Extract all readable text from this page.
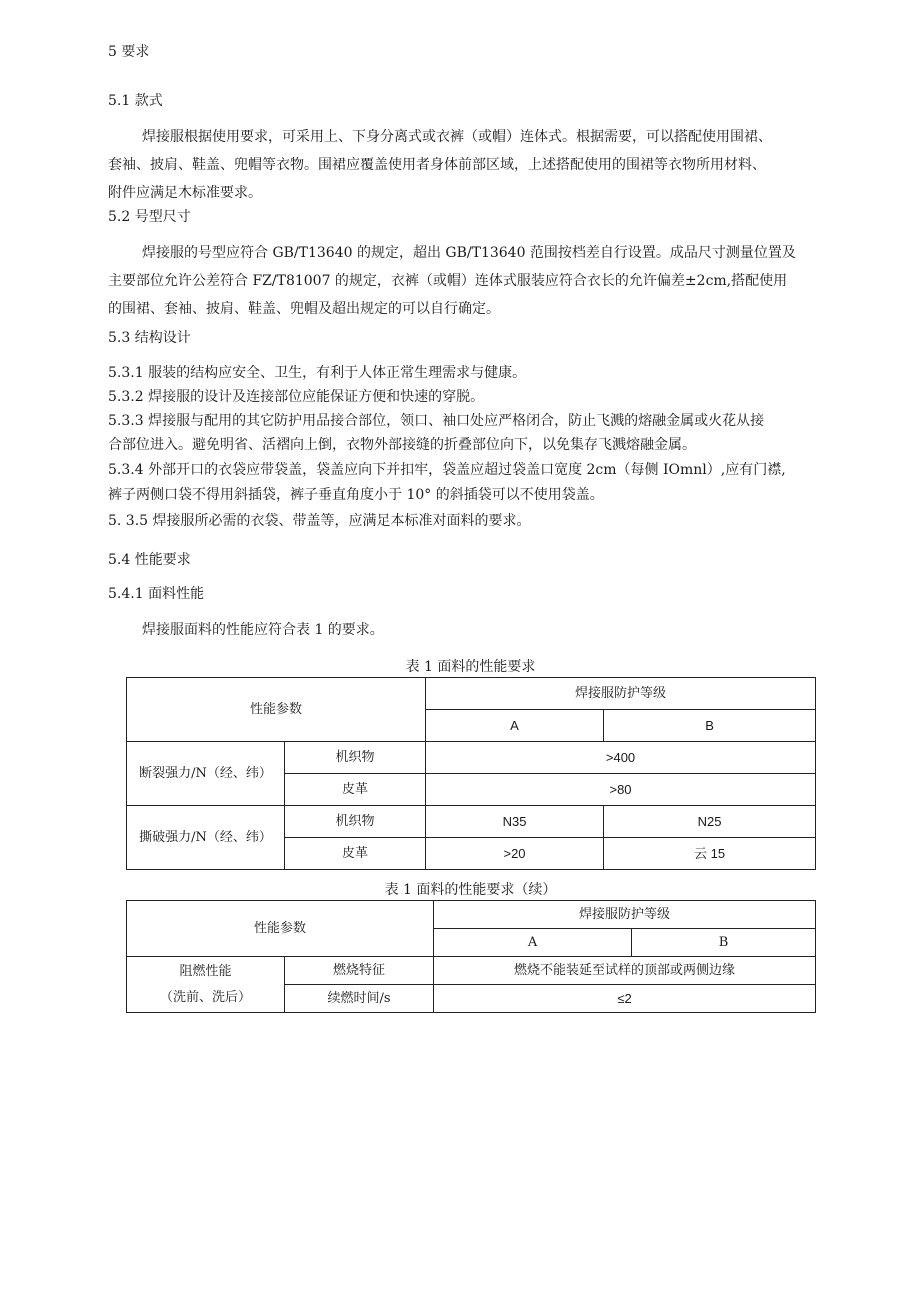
5 要求
5.1 款式
焊接服根据使用要求，可采用上、下身分离式或衣裤（或帽）连体式。根据需要，可以搭配使用围裙、
套袖、披肩、鞋盖、兜帽等衣物。围裙应覆盖使用者身体前部区域，上述搭配使用的围裙等衣物所用材料、
附件应满足木标准要求。
5.2 号型尺寸
焊接服的号型应符合 GB/T13640 的规定，超出 GB/T13640 范围按档差自行设置。成品尺寸测量位置及
主要部位允许公差符合 FZ/T81007 的规定，衣裤（或帽）连体式服装应符合衣长的允许偏差±2cm,搭配使用
的围裙、套袖、披肩、鞋盖、兜帽及超出规定的可以自行确定。
5.3 结构设计
5.3.1 服装的结构应安全、卫生，有利于人体正常生理需求与健康。
5.3.2 焊接服的设计及连接部位应能保证方便和快速的穿脱。
5.3.3 焊接服与配用的其它防护用品接合部位，领口、袖口处应严格闭合，防止飞溅的熔融金属或火花从接
合部位进入。避免明省、活褶向上倒，衣物外部接缝的折叠部位向下，以免集存飞溅熔融金属。
5.3.4 外部开口的衣袋应带袋盖，袋盖应向下并扣牢，袋盖应超过袋盖口宽度 2cm（每侧 IOmnl）,应有门襟,
裤子两侧口袋不得用斜插袋，裤子垂直角度小于 10° 的斜插袋可以不使用袋盖。
5. 3.5 焊接服所必需的衣袋、带盖等，应满足本标准对面料的要求。
5.4 性能要求
5.4.1 面料性能
焊接服面料的性能应符合表 1 的要求。
表 1 面料的性能要求
性能参数		焊接服防护等级	
		A	B
断裂强力/N（经、纬）	机织物	>400	
	皮革	>80	
撕破强力/N（经、纬）	机织物	N35	N25
	皮革	>20	云 15
表 1 面料的性能要求（续）
性能参数		焊接服防护等级	
		A	B

阻燃性能
（洗前、洗后）	燃烧特征	燃烧不能装延至试样的顶部或两侧边缘	
	续燃时间/s	≤2	
